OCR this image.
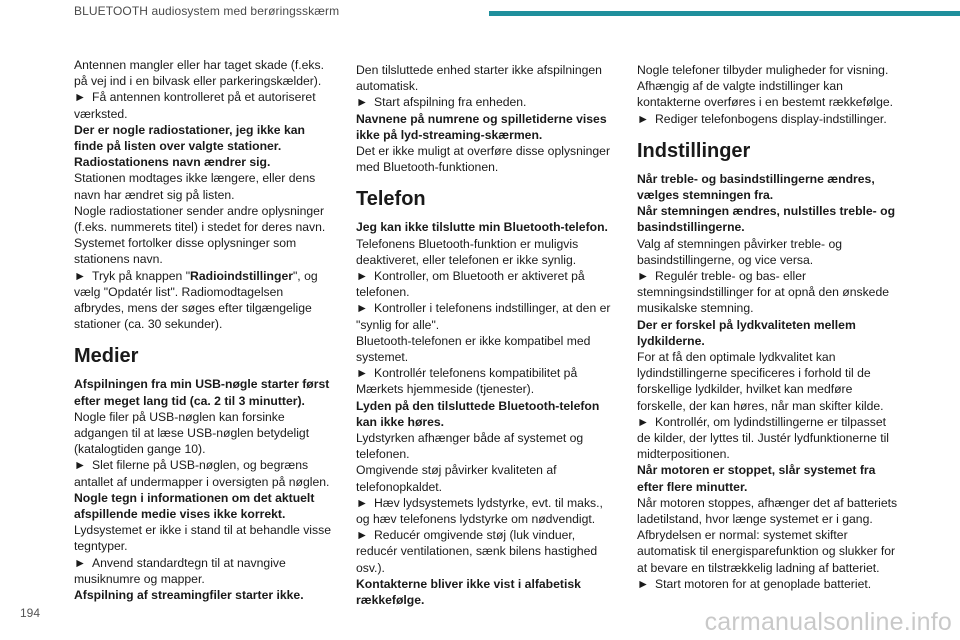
BLUETOOTH audiosystem med berøringsskærm

Antennen mangler eller har taget skade (f.eks. på vej ind i en bilvask eller parkeringskælder).

► Få antennen kontrolleret på et autoriseret værksted.

Der er nogle radiostationer, jeg ikke kan finde på listen over valgte stationer.

Radiostationens navn ændrer sig.

Stationen modtages ikke længere, eller dens navn har ændret sig på listen.

Nogle radiostationer sender andre oplysninger (f.eks. nummerets titel) i stedet for deres navn.

Systemet fortolker disse oplysninger som stationens navn.

► Tryk på knappen "Radioindstillinger", og vælg "Opdatér list". Radiomodtagelsen afbrydes, mens der søges efter tilgængelige stationer (ca. 30 sekunder).

Medier

Afspilningen fra min USB-nøgle starter først efter meget lang tid (ca. 2 til 3 minutter).

Nogle filer på USB-nøglen kan forsinke adgangen til at læse USB-nøglen betydeligt (katalogtiden gange 10).

► Slet filerne på USB-nøglen, og begræns antallet af undermapper i oversigten på nøglen.

Nogle tegn i informationen om det aktuelt afspillende medie vises ikke korrekt.

Lydsystemet er ikke i stand til at behandle visse tegntyper.

► Anvend standardtegn til at navngive musiknumre og mapper.

Afspilning af streamingfiler starter ikke.

Den tilsluttede enhed starter ikke afspilningen automatisk.

► Start afspilning fra enheden.

Navnene på numrene og spilletiderne vises ikke på lyd-streaming-skærmen.

Det er ikke muligt at overføre disse oplysninger med Bluetooth-funktionen.

Telefon

Jeg kan ikke tilslutte min Bluetooth-telefon.

Telefonens Bluetooth-funktion er muligvis deaktiveret, eller telefonen er ikke synlig.

► Kontroller, om Bluetooth er aktiveret på telefonen.

► Kontroller i telefonens indstillinger, at den er "synlig for alle".

Bluetooth-telefonen er ikke kompatibel med systemet.

► Kontrollér telefonens kompatibilitet på Mærkets hjemmeside (tjenester).

Lyden på den tilsluttede Bluetooth-telefon kan ikke høres.

Lydstyrken afhænger både af systemet og telefonen.

Omgivende støj påvirker kvaliteten af telefonopkaldet.

► Hæv lydsystemets lydstyrke, evt. til maks., og hæv telefonens lydstyrke om nødvendigt.

► Reducér omgivende støj (luk vinduer, reducér ventilationen, sænk bilens hastighed osv.).

Kontakterne bliver ikke vist i alfabetisk rækkefølge.

Nogle telefoner tilbyder muligheder for visning. Afhængig af de valgte indstillinger kan kontakterne overføres i en bestemt rækkefølge.

► Rediger telefonbogens display-indstillinger.

Indstillinger

Når treble- og basindstillingerne ændres, vælges stemningen fra.

Når stemningen ændres, nulstilles treble- og basindstillingerne.

Valg af stemningen påvirker treble- og basindstillingerne, og vice versa.

► Regulér treble- og bas- eller stemningsindstillinger for at opnå den ønskede musikalske stemning.

Der er forskel på lydkvaliteten mellem lydkilderne.

For at få den optimale lydkvalitet kan lydindstillingerne specificeres i forhold til de forskellige lydkilder, hvilket kan medføre forskelle, der kan høres, når man skifter kilde.

► Kontrollér, om lydindstillingerne er tilpasset de kilder, der lyttes til. Justér lydfunktionerne til midterpositionen.

Når motoren er stoppet, slår systemet fra efter flere minutter.

Når motoren stoppes, afhænger det af batteriets ladetilstand, hvor længe systemet er i gang.

Afbrydelsen er normal: systemet skifter automatisk til energisparefunktion og slukker for at bevare en tilstrækkelig ladning af batteriet.

► Start motoren for at genoplade batteriet.

194	carmanualsonline.info
